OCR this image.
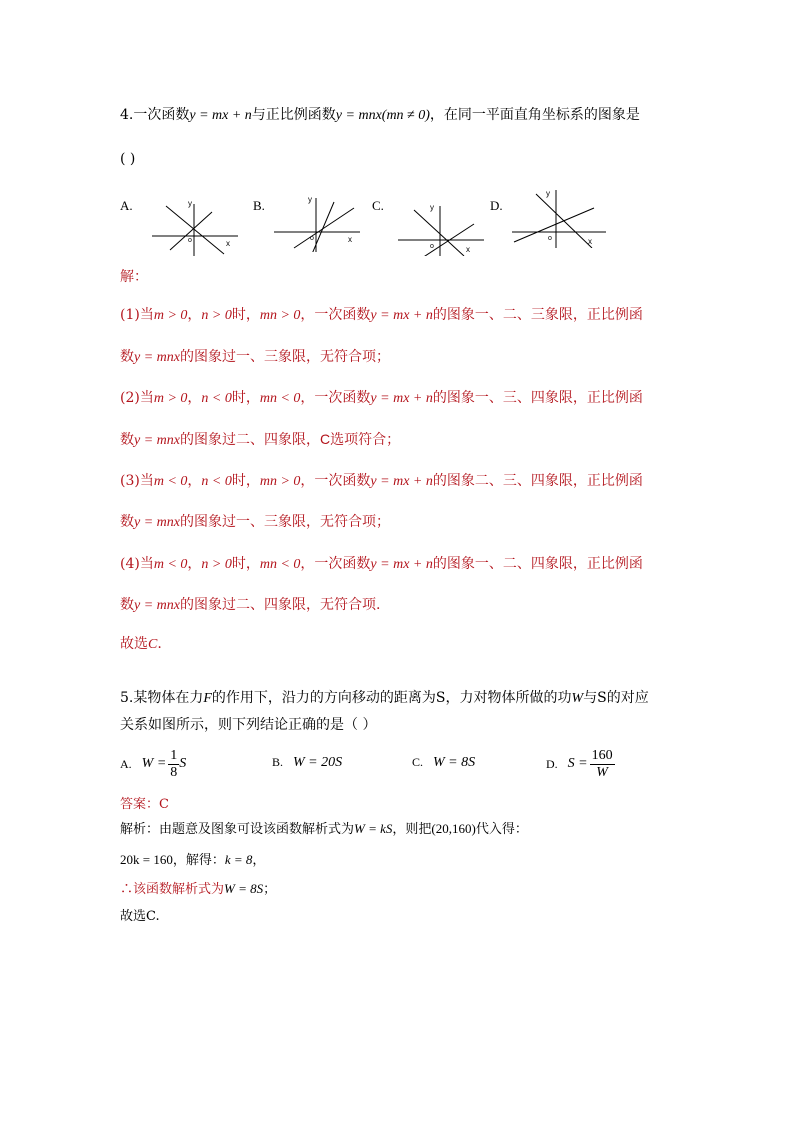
4.一次函数y = mx + n与正比例函数y = mnx(mn ≠ 0)，在同一平面直角坐标系的图象是
( )
A.	y
x
o
B.	y
x
o
C.	y
x
o
D.
y
x
o
解：
(1)当m > 0，n > 0时，mn > 0，一次函数y = mx + n的图象一、二、三象限，正比例函
数y = mnx的图象过一、三象限，无符合项；
(2)当m > 0，n < 0时，mn < 0，一次函数y = mx + n的图象一、三、四象限，正比例函
数y = mnx的图象过二、四象限，C选项符合；
(3)当m < 0，n < 0时，mn > 0，一次函数y = mx + n的图象二、三、四象限，正比例函
数y = mnx的图象过一、三象限，无符合项；
(4)当m < 0，n > 0时，mn < 0，一次函数y = mx + n的图象一、二、四象限，正比例函
数y = mnx的图象过二、四象限，无符合项.
故选C.
5.某物体在力F的作用下，沿力的方向移动的距离为S，力对物体所做的功W与S的对应
关系如图所示，则下列结论正确的是（ ）
A. $W = \frac{1}{8}$ S	B. W = 20S	C. W = 8S	D. $S = \frac{160}{W}$
答案：C
解析：由题意及图象可设该函数解析式为W = kS，则把(20,160)代入得：
20k = 160，解得：k = 8，
∴该函数解析式为W = 8S；
故选C.
